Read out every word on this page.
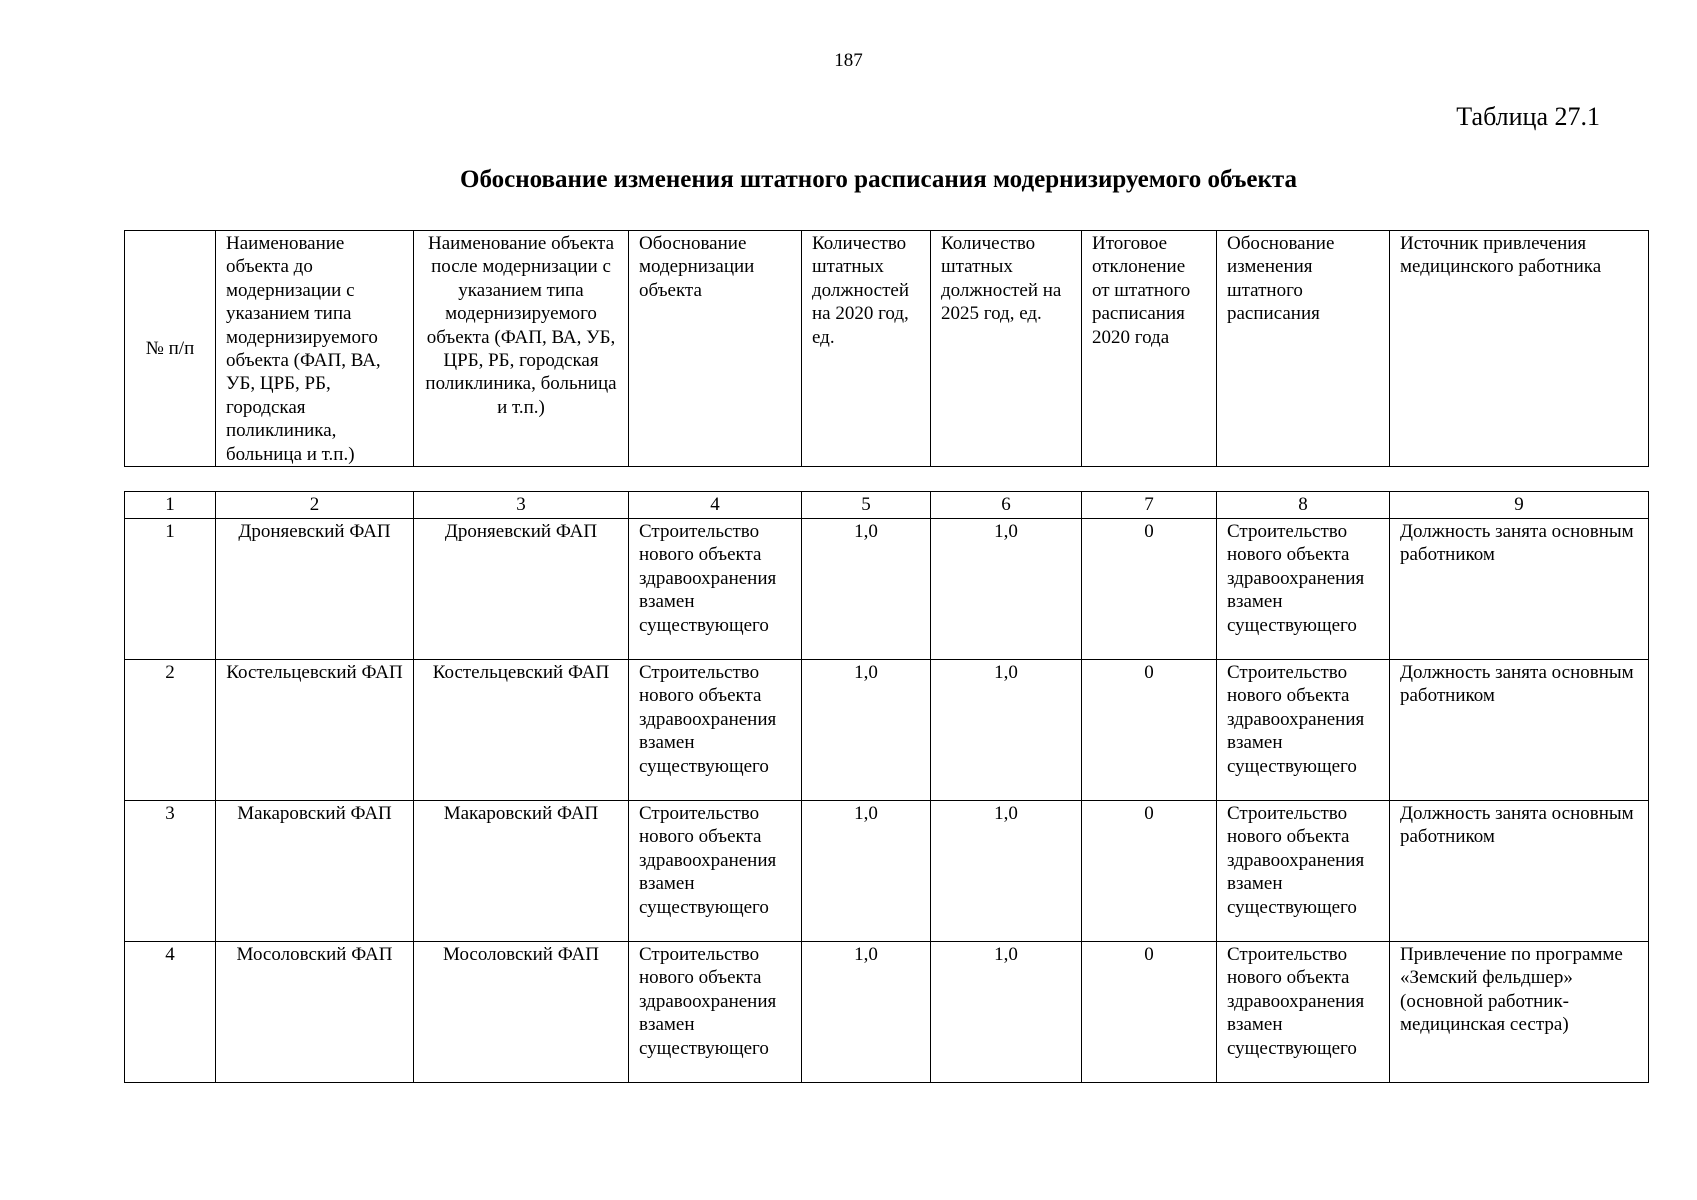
187
Таблица 27.1
Обоснование изменения штатного расписания модернизируемого объекта
№ п/п	Наименование объекта до модернизации с указанием типа модернизируемого объекта (ФАП, ВА, УБ, ЦРБ, РБ, городская поликлиника, больница и т.п.)	Наименование объекта после модернизации с указанием типа модернизируемого объекта (ФАП, ВА, УБ, ЦРБ, РБ, городская поликлиника, больница и т.п.)	Обоснование модернизации объекта	Количество штатных должностей на 2020 год, ед.	Количество штатных должностей на 2025 год, ед.	Итоговое отклонение от штатного расписания 2020 года	Обоснование изменения штатного расписания	Источник привлечения медицинского работника
1	2	3	4	5	6	7	8	9
1	Дроняевский ФАП	Дроняевский ФАП	Строительство нового объекта здравоохранения взамен существующего	1,0	1,0	0	Строительство нового объекта здравоохранения взамен существующего	Должность занята основным работником
2	Костельцевский ФАП	Костельцевский ФАП	Строительство нового объекта здравоохранения взамен существующего	1,0	1,0	0	Строительство нового объекта здравоохранения взамен существующего	Должность занята основным работником
3	Макаровский ФАП	Макаровский ФАП	Строительство нового объекта здравоохранения взамен существующего	1,0	1,0	0	Строительство нового объекта здравоохранения взамен существующего	Должность занята основным работником
4	Мосоловский ФАП	Мосоловский ФАП	Строительство нового объекта здравоохранения взамен существующего	1,0	1,0	0	Строительство нового объекта здравоохранения взамен существующего	Привлечение по программе «Земский фельдшер» (основной работник- медицинская сестра)
